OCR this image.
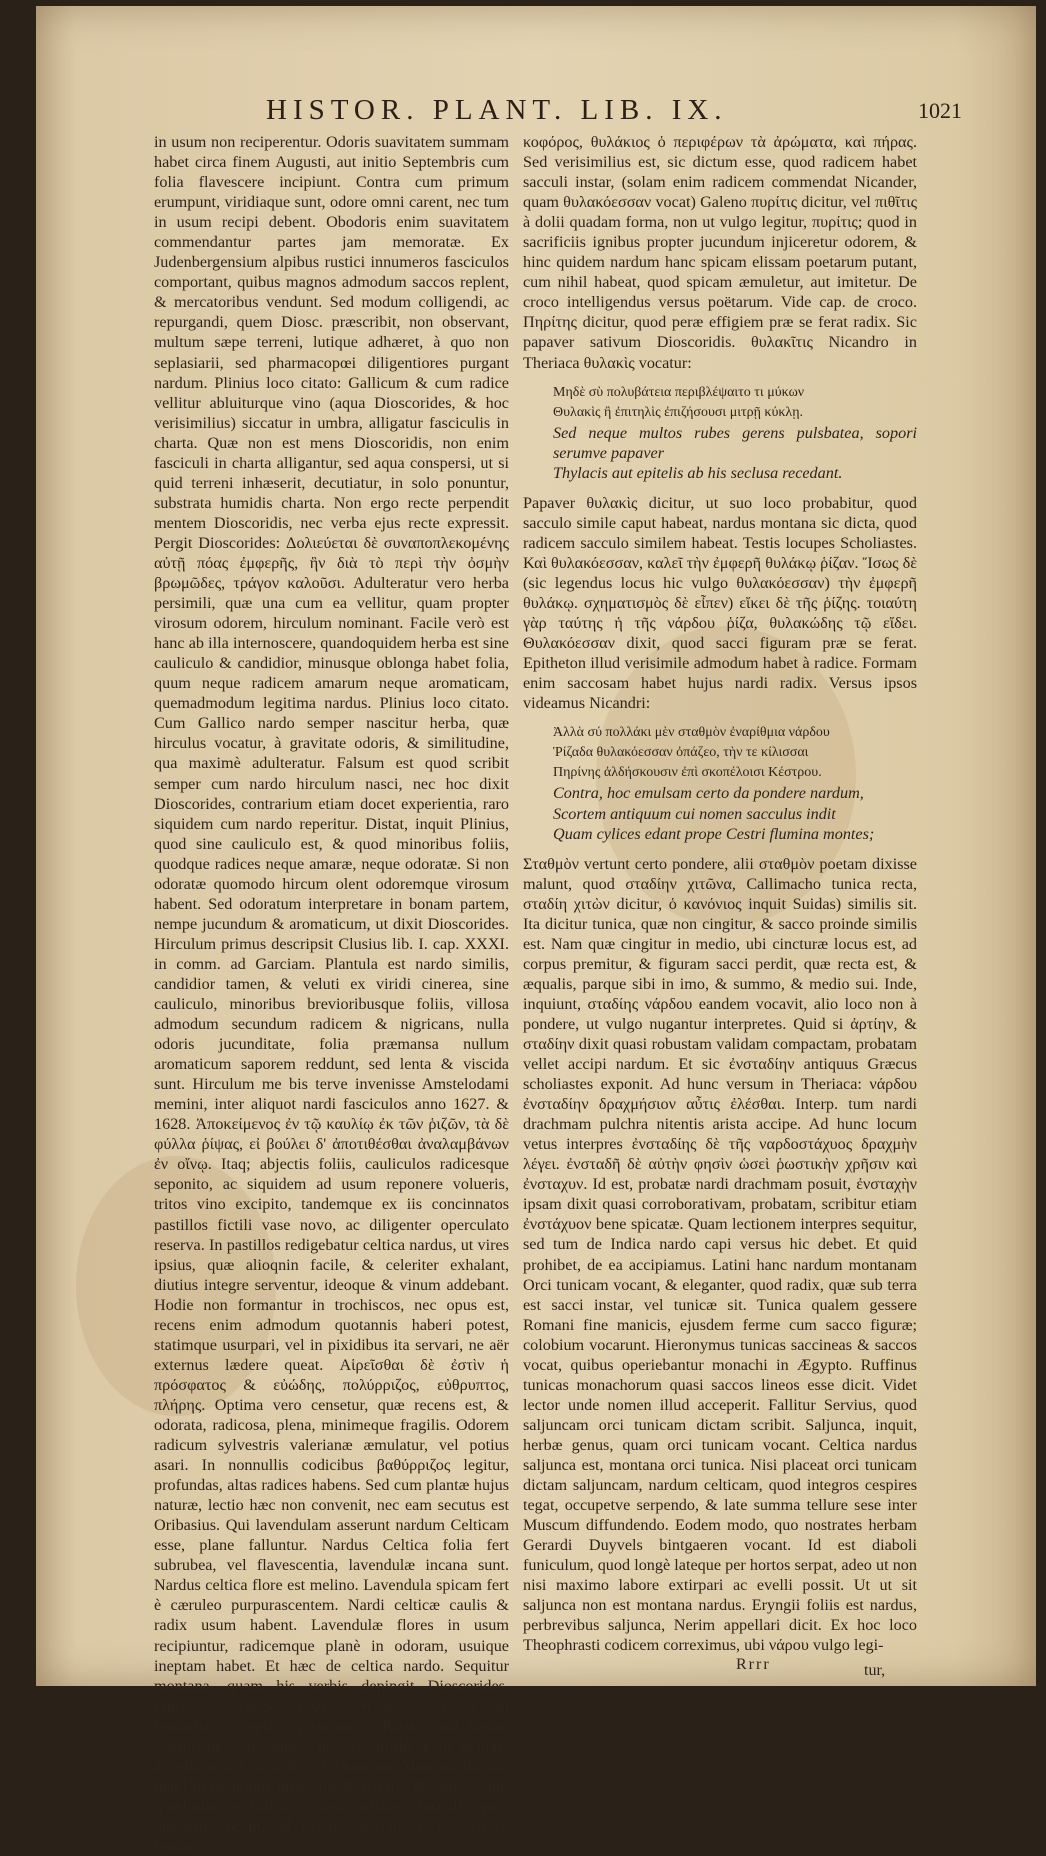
HISTOR. PLANT. LIB. IX.	1021

in usum non reciperentur. Odoris suavitatem summam habet circa finem Augusti, aut initio Septembris cum folia flavescere incipiunt. Contra cum primum erumpunt, viridiaque sunt, odore omni carent, nec tum in usum recipi debent. Obodoris enim suavitatem commendantur partes jam memoratæ. Ex Judenbergensium alpibus rustici innumeros fasciculos comportant, quibus magnos admodum saccos replent, & mercatoribus vendunt. Sed modum colligendi, ac repurgandi, quem Diosc. præscribit, non observant, multum sæpe terreni, lutique adhæret, à quo non seplasiarii, sed pharmacopœi diligentiores purgant nardum. Plinius loco citato: Gallicum & cum radice vellitur abluiturque vino (aqua Dioscorides, & hoc verisimilius) siccatur in umbra, alligatur fasciculis in charta. Quæ non est mens Dioscoridis, non enim fasciculi in charta alligantur, sed aqua conspersi, ut si quid terreni inhæserit, decutiatur, in solo ponuntur, substrata humidis charta. Non ergo recte perpendit mentem Dioscoridis, nec verba ejus recte expressit. Pergit Dioscorides: Δολιεύεται δὲ συναποπλεκομένης αὐτῇ πόας ἐμφερῆς, ἣν διὰ τὸ περὶ τὴν ὀσμὴν βρωμῶδες, τράγον καλοῦσι. Adulteratur vero herba persimili, quæ una cum ea vellitur, quam propter virosum odorem, hirculum nominant. Facile verò est hanc ab illa internoscere, quandoquidem herba est sine cauliculo & candidior, minusque oblonga habet folia, quum neque radicem amarum neque aromaticam, quemadmodum legitima nardus. Plinius loco citato. Cum Gallico nardo semper nascitur herba, quæ hirculus vocatur, à gravitate odoris, & similitudine, qua maximè adulteratur. Falsum est quod scribit semper cum nardo hirculum nasci, nec hoc dixit Dioscorides, contrarium etiam docet experientia, raro siquidem cum nardo reperitur. Distat, inquit Plinius, quod sine cauliculo est, & quod minoribus foliis, quodque radices neque amaræ, neque odoratæ. Si non odoratæ quomodo hircum olent odoremque virosum habent. Sed odoratum interpretare in bonam partem, nempe jucundum & aromaticum, ut dixit Dioscorides. Hirculum primus descripsit Clusius lib. I. cap. XXXI. in comm. ad Garciam. Plantula est nardo similis, candidior tamen, & veluti ex viridi cinerea, sine cauliculo, minoribus brevioribusque foliis, villosa admodum secundum radicem & nigricans, nulla odoris jucunditate, folia præmansa nullum aromaticum saporem reddunt, sed lenta & viscida sunt. Hirculum me bis terve invenisse Amstelodami memini, inter aliquot nardi fasciculos anno 1627. & 1628. Ἀποκείμενος ἐν τῷ καυλίῳ ἐκ τῶν ῥιζῶν, τὰ δὲ φύλλα ῥίψας, εἰ βούλει δ' ἀποτιθέσθαι ἀναλαμβάνων ἐν οἴνῳ. Itaq; abjectis foliis, cauliculos radicesque seponito, ac siquidem ad usum reponere volueris, tritos vino excipito, tandemque ex iis concinnatos pastillos fictili vase novo, ac diligenter operculato reserva. In pastillos redigebatur celtica nardus, ut vires ipsius, quæ alioqnin facile, & celeriter exhalant, diutius integre serventur, ideoque & vinum addebant. Hodie non formantur in trochiscos, nec opus est, recens enim admodum quotannis haberi potest, statimque usurpari, vel in pixidibus ita servari, ne aër externus lædere queat. Αἱρεῖσθαι δὲ ἐστὶν ἡ πρόσφατος & εὐώδης, πολύρριζος, εὐθρυπτος, πλήρης. Optima vero censetur, quæ recens est, & odorata, radicosa, plena, minimeque fragilis. Odorem radicum sylvestris valerianæ æmulatur, vel potius asari. In nonnullis codicibus βαθύρριζος legitur, profundas, altas radices habens. Sed cum plantæ hujus naturæ, lectio hæc non convenit, nec eam secutus est Oribasius. Qui lavendulam asserunt nardum Celticam esse, plane falluntur. Nardus Celtica folia fert subrubea, vel flavescentia, lavendulæ incana sunt. Nardus celtica flore est melino. Lavendula spicam fert è cæruleo purpurascentem. Nardi celticæ caulis & radix usum habent. Lavendulæ flores in usum recipiuntur, radicemque planè in odoram, usuique ineptam habet. Et hæc de celtica nardo. Sequitur montana, quam his verbis depingit Dioscorides. Ὀρεινὴ δὲ νάρδος, καλουμένη δὲ ὑπὸ τινῶν καὶ θυλακῖτις ἢ πυρίτις, γεννᾶται ἐν Κιλικίᾳ καὶ Συρίᾳ. Nardus montana, quæ à quibusdam thylacitis & neris appellatur in Cilicia & Syria nascitur. Montana dicitur, quod in montibus proveniat θυλακῖτιν dictam volunt, quod olim ex Cilicia Syriave coriaceis sacculis, quos θυλάκια vocant, ad exteros portaretur. Hesychius: θυλακ-

κοφόρος, θυλάκιος ὁ περιφέρων τὰ ἀρώματα, καὶ πήρας. Sed verisimilius est, sic dictum esse, quod radicem habet sacculi instar, (solam enim radicem commendat Nicander, quam θυλακόεσσαν vocat) Galeno πυρίτις dicitur, vel πιθῖτις à dolii quadam forma, non ut vulgo legitur, πυρίτις; quod in sacrificiis ignibus propter jucundum injiceretur odorem, & hinc quidem nardum hanc spicam elissam poetarum putant, cum nihil habeat, quod spicam æmuletur, aut imitetur. De croco intelligendus versus poëtarum. Vide cap. de croco. Πηρίτης dicitur, quod peræ effigiem præ se ferat radix. Sic papaver sativum Dioscoridis. θυλακῖτις Nicandro in Theriaca θυλακὶς vocatur:

Μηδὲ σὺ πολυβάτεια περιβλέψαιτο τι μύκων
Θυλακὶς ἢ ἐπιτηλὶς ἐπιζήσουσι μιτρῇ κύκλῃ.
Sed neque multos rubes gerens pulsbatea, sopori serumve papaver
Thylacis aut epitelis ab his seclusa recedant.

Papaver θυλακὶς dicitur, ut suo loco probabitur, quod sacculo simile caput habeat, nardus montana sic dicta, quod radicem sacculo similem habeat. Testis locupes Scholiastes. Καὶ θυλακόεσσαν, καλεῖ τὴν ἐμφερῆ θυλάκῳ ῥίζαν. Ἴσως δὲ (sic legendus locus hic vulgo θυλακόεσσαν) τὴν ἐμφερῆ θυλάκῳ. σχηματισμὸς δὲ εἶπεν) εἴκει δὲ τῆς ῥίζης. τοιαύτη γὰρ ταύτης ἡ τῆς νάρδου ῥίζα, θυλακώδης τῷ εἴδει. Θυλακόεσσαν dixit, quod sacci figuram præ se ferat. Epitheton illud verisimile admodum habet à radice. Formam enim saccosam habet hujus nardi radix. Versus ipsos videamus Nicandri:

Ἀλλὰ σύ πολλάκι μὲν σταθμὸν ἐναρίθμια νάρδου
Ῥίζαδα θυλακόεσσαν ὀπάζεο, τὴν τε κίλισσαι
Πηρίνης ἀλδήσκουσιν ἐπὶ σκοπέλοισι Κέστρου.
Contra, hoc emulsam certo da pondere nardum,
Scortem antiquum cui nomen sacculus indit
Quam cylices edant prope Cestri flumina montes;

Σταθμὸν vertunt certo pondere, alii σταθμὸν poetam dixisse malunt, quod σταδίην χιτῶνα, Callimacho tunica recta, σταδίη χιτὼν dicitur, ὁ κανόνιος inquit Suidas) similis sit. Ita dicitur tunica, quæ non cingitur, & sacco proinde similis est. Nam quæ cingitur in medio, ubi cincturæ locus est, ad corpus premitur, & figuram sacci perdit, quæ recta est, & æqualis, parque sibi in imo, & summo, & medio sui. Inde, inquiunt, σταδίης νάρδου eandem vocavit, alio loco non à pondere, ut vulgo nugantur interpretes. Quid si ἀρτίην, & σταδίην dixit quasi robustam validam compactam, probatam vellet accipi nardum. Et sic ἐνσταδίην antiquus Græcus scholiastes exponit. Ad hunc versum in Theriaca: νάρδου ἐνσταδίην δραχμήσιον αὖτις ἐλέσθαι. Interp. tum nardi drachmam pulchra nitentis arista accipe. Ad hunc locum vetus interpres ἐνσταδίης δὲ τῆς ναρδοστάχυος δραχμὴν λέγει. ἐνσταδῆ δὲ αὐτὴν φησὶν ὡσεὶ ῥωστικὴν χρῆσιν καὶ ἐνσταχυν. Id est, probatæ nardi drachmam posuit, ἐνσταχὴν ipsam dixit quasi corroborativam, probatam, scribitur etiam ἐνστάχυον bene spicatæ. Quam lectionem interpres sequitur, sed tum de Indica nardo capi versus hic debet. Et quid prohibet, de ea accipiamus. Latini hanc nardum montanam Orci tunicam vocant, & eleganter, quod radix, quæ sub terra est sacci instar, vel tunicæ sit. Tunica qualem gessere Romani fine manicis, ejusdem ferme cum sacco figuræ; colobium vocarunt. Hieronymus tunicas saccineas & saccos vocat, quibus operiebantur monachi in Ægypto. Ruffinus tunicas monachorum quasi saccos lineos esse dicit. Videt lector unde nomen illud acceperit. Fallitur Servius, quod saljuncam orci tunicam dictam scribit. Saljunca, inquit, herbæ genus, quam orci tunicam vocant. Celtica nardus saljunca est, montana orci tunica. Nisi placeat orci tunicam dictam saljuncam, nardum celticam, quod integros cespires tegat, occupetve serpendo, & late summa tellure sese inter Muscum diffundendo. Eodem modo, quo nostrates herbam Gerardi Duyvels bintgaeren vocant. Id est diaboli funiculum, quod longè lateque per hortos serpat, adeo ut non nisi maximo labore extirpari ac evelli possit. Ut ut sit saljunca non est montana nardus. Eryngii foliis est nardus, perbrevibus saljunca, Nerim appellari dicit. Ex hoc loco Theophrasti codicem correximus, ubi νάρου vulgo legi-

Rrrr	tur,
